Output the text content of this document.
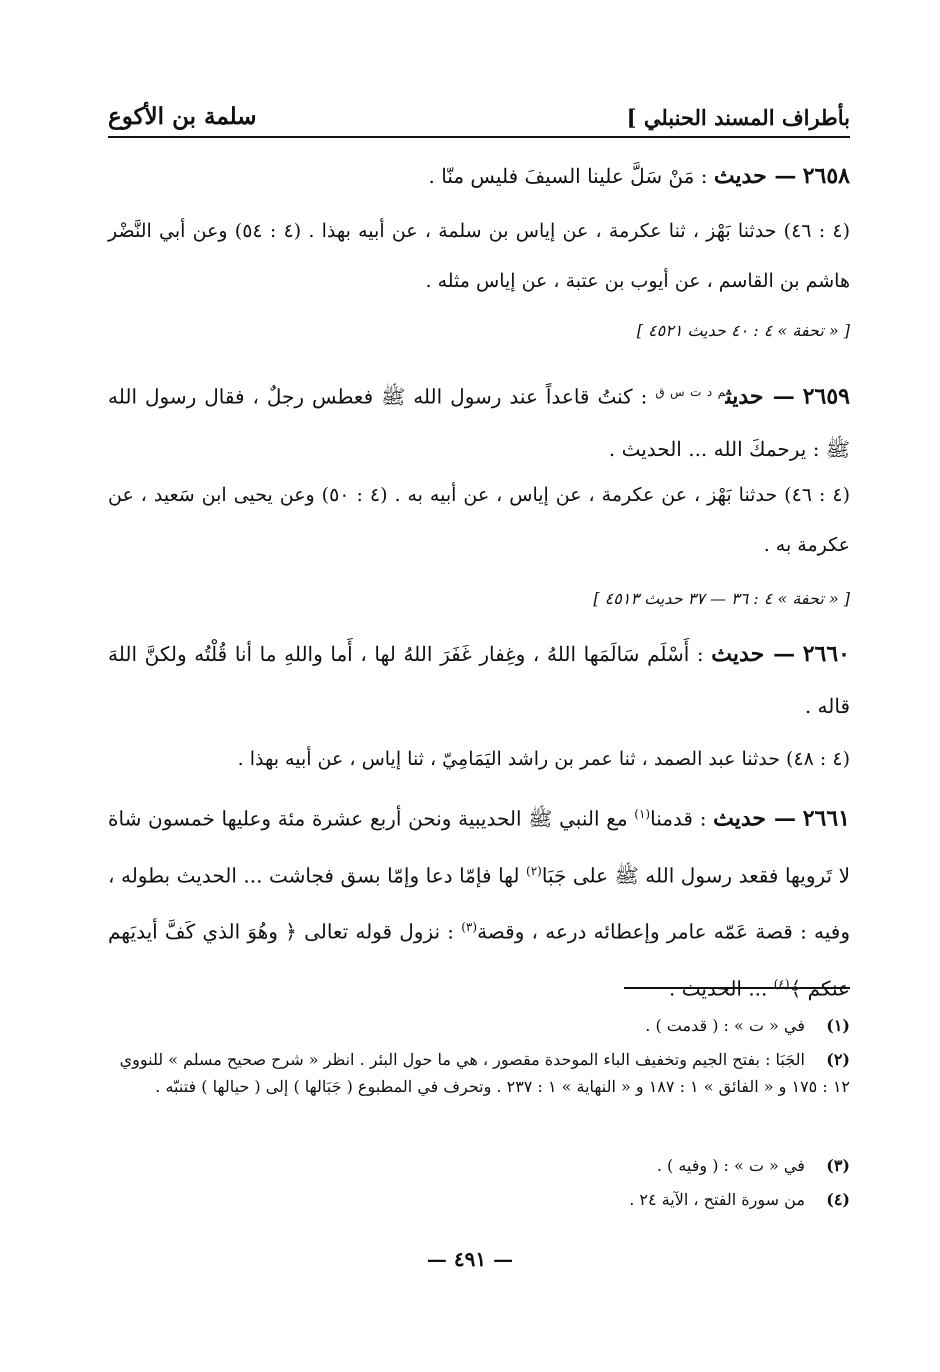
بأطراف المسند الحنبلي ]
سلمة بن الأكوع
٢٦٥٨ — حديث : مَنْ سَلَّ علينا السيفَ فليس منّا .
(٤ : ٤٦) حدثنا بَهْز ، ثنا عكرمة ، عن إياس بن سلمة ، عن أبيه بهذا . (٤ : ٥٤) وعن أبي النَّضْر هاشم بن القاسم ، عن أيوب بن عتبة ، عن إياس مثله .
[ « تحفة » ٤ : ٤٠ حديث ٤٥٢١ ]
٢٦٥٩ — حديث$^{م د ت س ق}$ : كنتُ قاعداً عند رسول الله ﷺ فعطس رجلٌ ، فقال رسول الله ﷺ : يرحمكَ الله ... الحديث .
(٤ : ٤٦) حدثنا بَهْز ، عن عكرمة ، عن إياس ، عن أبيه به . (٤ : ٥٠) وعن يحيى ابن سَعيد ، عن عكرمة به .
[ « تحفة » ٤ : ٣٦ — ٣٧ حديث ٤٥١٣ ]
٢٦٦٠ — حديث : أَسْلَم سَالَمَها اللهُ ، وغِفار غَفَرَ اللهُ لها ، أَما واللهِ ما أنا قُلْتُه ولكنَّ اللهَ قاله .
(٤ : ٤٨) حدثنا عبد الصمد ، ثنا عمر بن راشد اليَمَامِيّ ، ثنا إياس ، عن أبيه بهذا .
٢٦٦١ — حديث : قدمنا$^{(١)}$ مع النبي ﷺ الحديبية ونحن أربع عشرة مئة وعليها خمسون شاة لا تَرويها فقعد رسول الله ﷺ على جَبَا$^{(٢)}$ لها فإمّا دعا وإمّا بسق فجاشت ... الحديث بطوله ، وفيه : قصة عَمّه عامر وإعطائه درعه ، وقصة$^{(٣)}$ : نزول قوله تعالى ﴿ وهُوَ الذي كَفَّ أيديَهم عنكم ﴾$^{(٤)}$ ... الحديث .
(١) في « ت » : ( قدمت ) .
(٢) الجَبَا : بفتح الجيم وتخفيف الباء الموحدة مقصور ، هي ما حول البئر . انظر « شرح صحيح مسلم » للنووي ١٢ : ١٧٥ و « الفائق » ١ : ١٨٧ و « النهاية » ١ : ٢٣٧ . وتحرف في المطبوع ( جَبَالها ) إلى ( حيالها ) فتنبّه .
(٣) في « ت » : ( وفيه ) .
(٤) من سورة الفتح ، الآية ٢٤ .
— ٤٩١ —
